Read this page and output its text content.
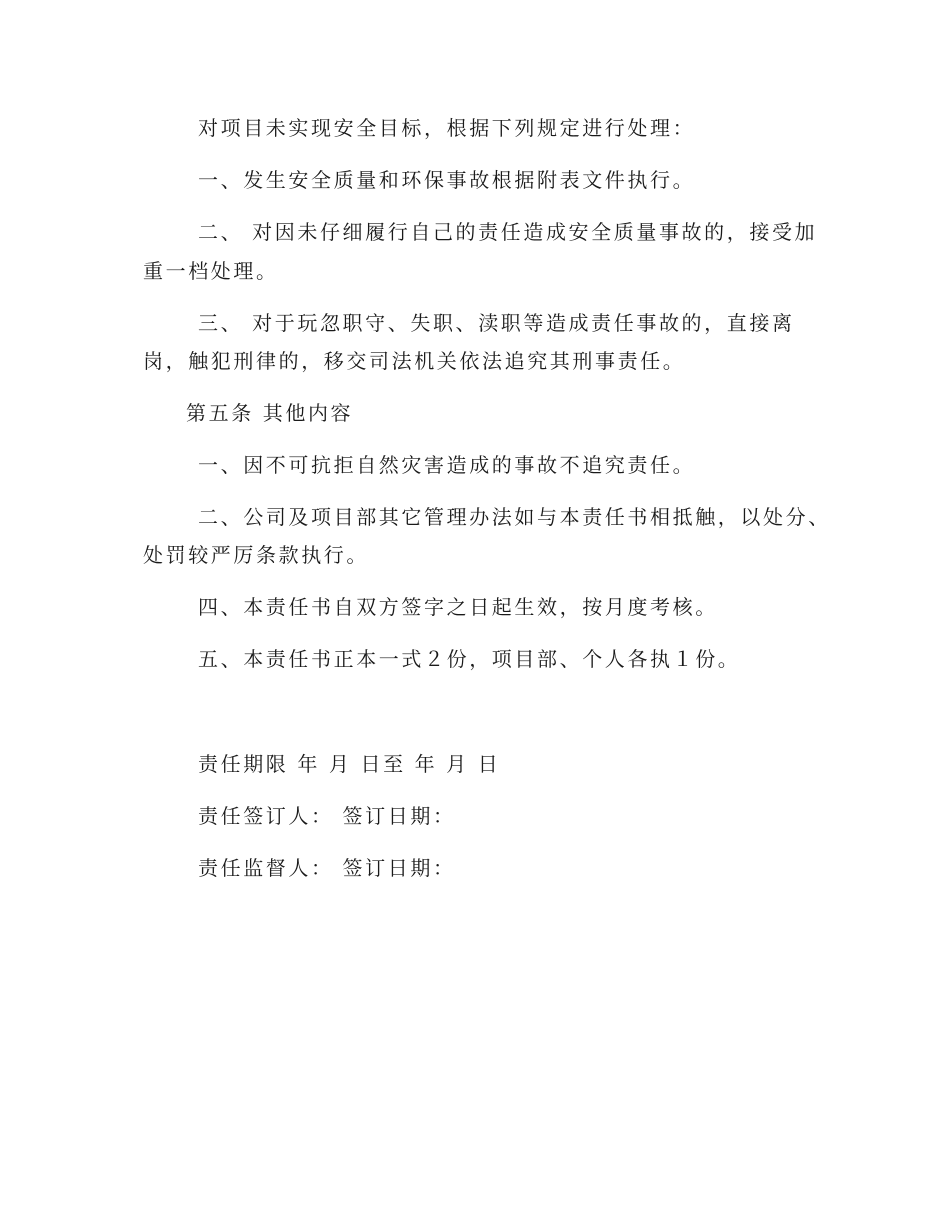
对项目未实现安全目标，根据下列规定进行处理：
一、发生安全质量和环保事故根据附表文件执行。
二、 对因未仔细履行自己的责任造成安全质量事故的，接受加
重一档处理。
三、 对于玩忽职守、失职、渎职等造成责任事故的，直接离
岗，触犯刑律的，移交司法机关依法追究其刑事责任。
第五条 其他内容
一、因不可抗拒自然灾害造成的事故不追究责任。
二、公司及项目部其它管理办法如与本责任书相抵触，以处分、
处罚较严厉条款执行。
四、本责任书自双方签字之日起生效，按月度考核。
五、本责任书正本一式２份，项目部、个人各执１份。
责任期限 年 月 日至 年 月 日
责任签订人： 签订日期：
责任监督人： 签订日期：
